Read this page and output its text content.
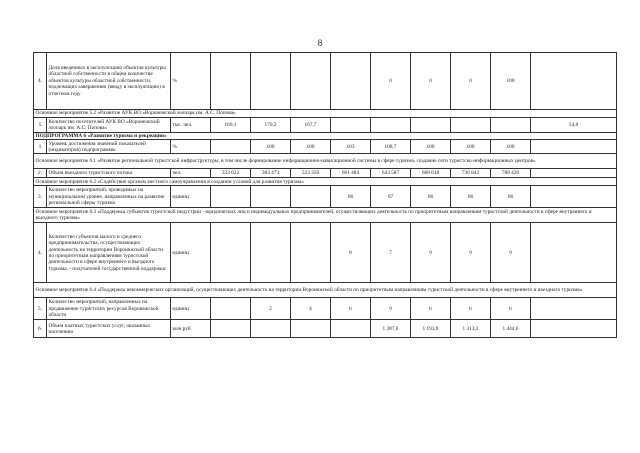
8
4.	Доля введенных в эксплуатацию объектов культуры областной собственности в общем количестве объектов культуры областной собственности, подлежащих завершению (вводу в эксплуатацию) в отчетном году	%					0	0	0	100	
Основное мероприятие 5.2 «Развитие АУК ВО «Воронежский зоопарк им. А.С. Попова»											
5	Количество посетителей АУК ВО «Воронежский зоопарк им. А.С. Попова»	тыс. чел.	169,1	170,2	167,7						54,8
ПОДПРОГРАММА 6 «Развитие туризма и рекреации»											
1	Уровень достижения значений показателей (индикаторов) подпрограммы	%		100	100	103	108,7	100	100	100	
Основное мероприятие 6.1 «Развитие региональной туристской инфраструктуры, в том числе формирование информационно-навигационной системы в сфере туризма, создание сети туристско-информационных центров»											
2.	Объем въездного туристского потока	чел.	333 622	383 473	523 350	601 484	643 587	688 638	736 842	788 420	
Основное мероприятие 6.2 «Содействие органам местного самоуправления в создании условий для развития туризма»											
3.	Количество мероприятий, проводимых на муниципальном уровне, направленных на развитие региональной сферы туризма	единиц				66	67	66	66	66	
Основное мероприятие 6.3 «Поддержка субъектов туристской индустрии - юридических лиц и индивидуальных предпринимателей, осуществляющих деятельность по приоритетным направлениям туристской деятельности в сфере внутреннего и въездного туризма»											
4.	Количество субъектов малого и среднего предпринимательства, осуществляющих деятельность на территории Воронежской области по приоритетным направлениям туристской деятельности в сфере внутреннего и въездного туризма, - получателей государственной поддержки	единиц				8	7	9	9	9	
Основное мероприятие 6.4 «Поддержка некоммерческих организаций, осуществляющих деятельность на территории Воронежской области по приоритетным направлениям туристской деятельности в сфере внутреннего и въездного туризма»											
5.	Количество мероприятий, направленных на продвижение туристских ресурсов Воронежской области	единиц		2	4	6	9	6	6	6	
6.	Объем платных туристских услуг, оказанных населению	млн руб.					1 287,0	1 193,9	1 313,3	1 444,6	
